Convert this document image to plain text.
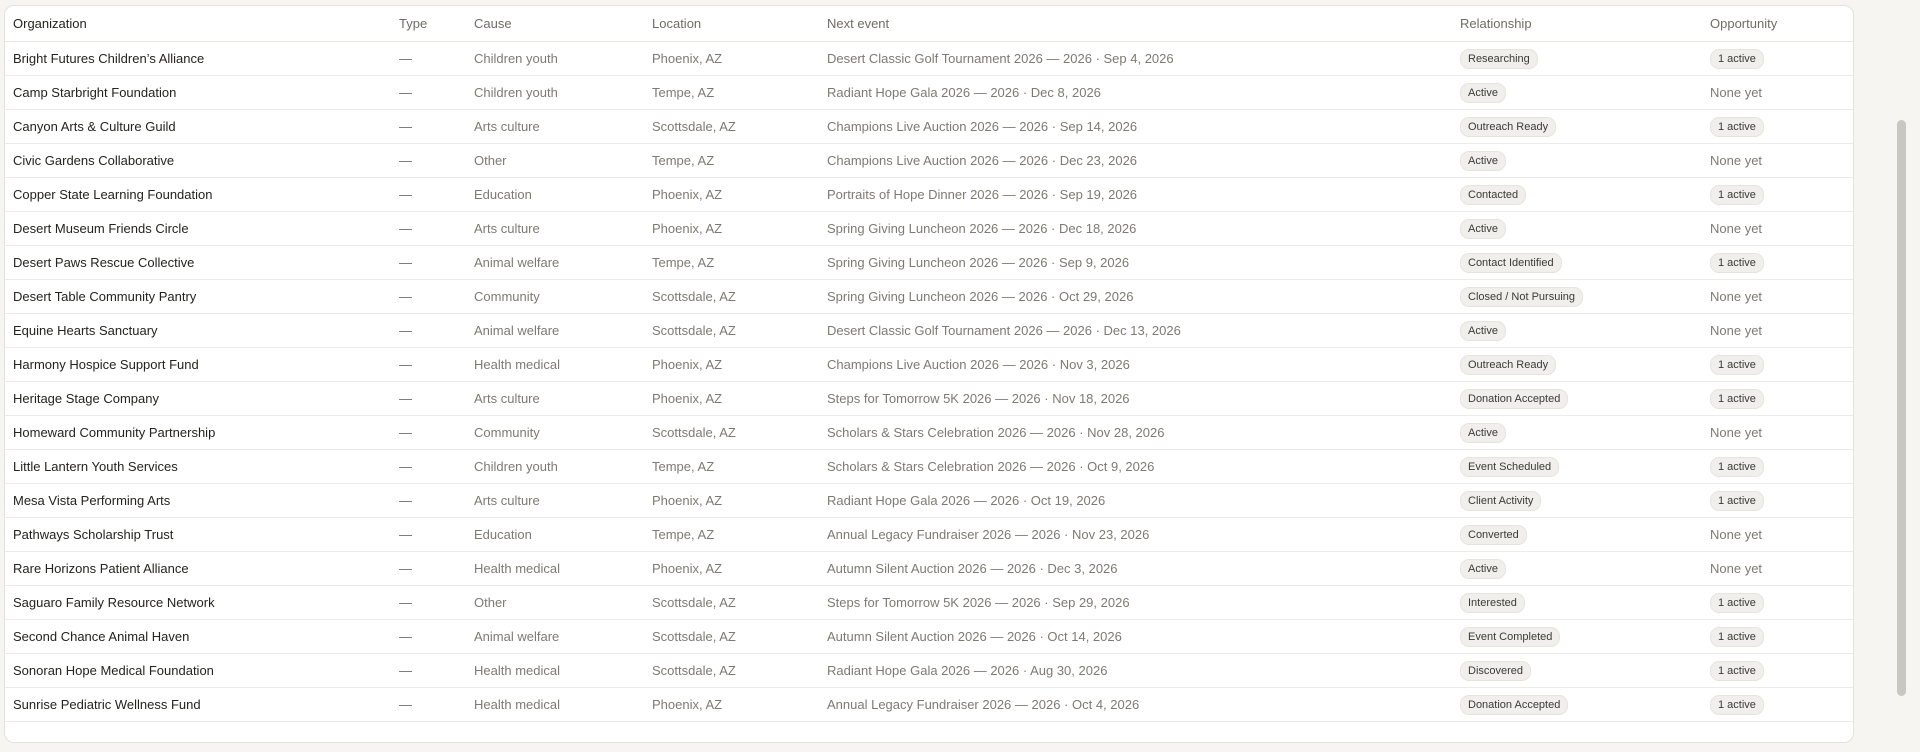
Organization	Type	Cause	Location	Next event	Relationship	Opportunity
Bright Futures Children’s Alliance	—	Children youth	Phoenix, AZ	Desert Classic Golf Tournament 2026 — 2026 · Sep 4, 2026	Researching	1 active
Camp Starbright Foundation	—	Children youth	Tempe, AZ	Radiant Hope Gala 2026 — 2026 · Dec 8, 2026	Active	None yet
Canyon Arts & Culture Guild	—	Arts culture	Scottsdale, AZ	Champions Live Auction 2026 — 2026 · Sep 14, 2026	Outreach Ready	1 active
Civic Gardens Collaborative	—	Other	Tempe, AZ	Champions Live Auction 2026 — 2026 · Dec 23, 2026	Active	None yet
Copper State Learning Foundation	—	Education	Phoenix, AZ	Portraits of Hope Dinner 2026 — 2026 · Sep 19, 2026	Contacted	1 active
Desert Museum Friends Circle	—	Arts culture	Phoenix, AZ	Spring Giving Luncheon 2026 — 2026 · Dec 18, 2026	Active	None yet
Desert Paws Rescue Collective	—	Animal welfare	Tempe, AZ	Spring Giving Luncheon 2026 — 2026 · Sep 9, 2026	Contact Identified	1 active
Desert Table Community Pantry	—	Community	Scottsdale, AZ	Spring Giving Luncheon 2026 — 2026 · Oct 29, 2026	Closed / Not Pursuing	None yet
Equine Hearts Sanctuary	—	Animal welfare	Scottsdale, AZ	Desert Classic Golf Tournament 2026 — 2026 · Dec 13, 2026	Active	None yet
Harmony Hospice Support Fund	—	Health medical	Phoenix, AZ	Champions Live Auction 2026 — 2026 · Nov 3, 2026	Outreach Ready	1 active
Heritage Stage Company	—	Arts culture	Phoenix, AZ	Steps for Tomorrow 5K 2026 — 2026 · Nov 18, 2026	Donation Accepted	1 active
Homeward Community Partnership	—	Community	Scottsdale, AZ	Scholars & Stars Celebration 2026 — 2026 · Nov 28, 2026	Active	None yet
Little Lantern Youth Services	—	Children youth	Tempe, AZ	Scholars & Stars Celebration 2026 — 2026 · Oct 9, 2026	Event Scheduled	1 active
Mesa Vista Performing Arts	—	Arts culture	Phoenix, AZ	Radiant Hope Gala 2026 — 2026 · Oct 19, 2026	Client Activity	1 active
Pathways Scholarship Trust	—	Education	Tempe, AZ	Annual Legacy Fundraiser 2026 — 2026 · Nov 23, 2026	Converted	None yet
Rare Horizons Patient Alliance	—	Health medical	Phoenix, AZ	Autumn Silent Auction 2026 — 2026 · Dec 3, 2026	Active	None yet
Saguaro Family Resource Network	—	Other	Scottsdale, AZ	Steps for Tomorrow 5K 2026 — 2026 · Sep 29, 2026	Interested	1 active
Second Chance Animal Haven	—	Animal welfare	Scottsdale, AZ	Autumn Silent Auction 2026 — 2026 · Oct 14, 2026	Event Completed	1 active
Sonoran Hope Medical Foundation	—	Health medical	Scottsdale, AZ	Radiant Hope Gala 2026 — 2026 · Aug 30, 2026	Discovered	1 active
Sunrise Pediatric Wellness Fund	—	Health medical	Phoenix, AZ	Annual Legacy Fundraiser 2026 — 2026 · Oct 4, 2026	Donation Accepted	1 active
